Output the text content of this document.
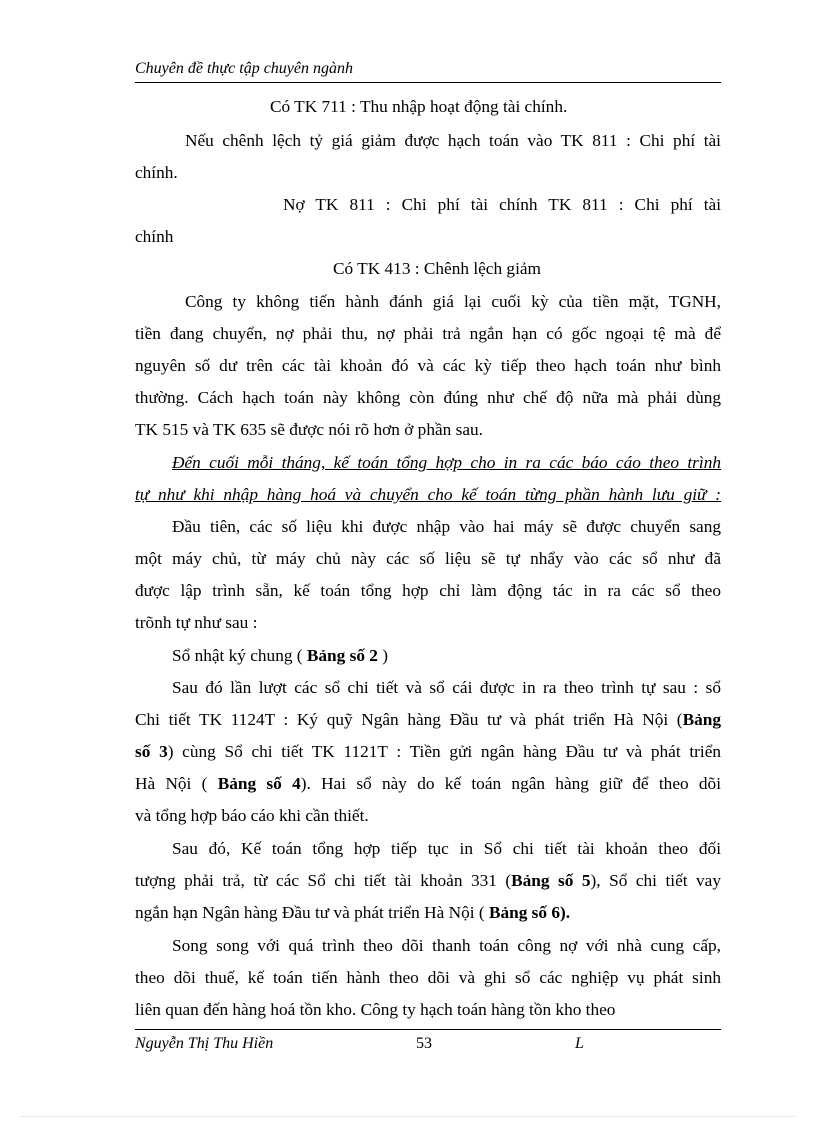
Chuyên đề thực tập chuyên ngành
Có TK 711 : Thu nhập hoạt động tài chính.
Nếu chênh lệch tỷ giá giảm được hạch toán vào TK 811 : Chi phí tài
chính.
Nợ TK 811 : Chi phí tài chính TK 811 : Chi phí tài
chính
Có TK 413 : Chênh lệch giảm
Công ty không tiến hành đánh giá lại cuối kỳ của tiền mặt, TGNH,
tiền đang chuyển, nợ phải thu, nợ phải trả ngắn hạn có gốc ngoại tệ mà để
nguyên số dư trên các tài khoản đó và các kỳ tiếp theo hạch toán như bình
thường. Cách hạch toán này không còn đúng như chế độ nữa mà phải dùng
TK 515 và TK 635 sẽ được nói rõ hơn ở phần sau.
Đến cuối mỗi tháng, kế toán tổng hợp cho in ra các báo cáo theo trình
tự như khi nhập hàng hoá và chuyển cho kế toán từng phần hành lưu giữ :
Đầu tiên, các số liệu khi được nhập vào hai máy sẽ được chuyển sang
một máy chủ, từ máy chủ này các số liệu sẽ tự nhẩy vào các sổ như đã
được lập trình sẵn, kế toán tổng hợp chỉ làm động tác in ra các sổ theo
trõnh tự như sau :
Sổ nhật ký chung ( Bảng số 2 )
Sau đó lần lượt các sổ chi tiết và sổ cái được in ra theo trình tự sau : sổ
Chi tiết TK 1124T : Ký quỹ Ngân hàng Đầu tư và phát triển Hà Nội (Bảng
số 3) cùng Sổ chi tiết TK 1121T : Tiền gửi ngân hàng Đầu tư và phát triển
Hà Nội ( Bảng số 4). Hai sổ này do kế toán ngân hàng giữ để theo dõi
và tổng hợp báo cáo khi cần thiết.
Sau đó, Kế toán tổng hợp tiếp tục in Sổ chi tiết tài khoản theo đối
tượng phải trả, từ các Sổ chi tiết tài khoản 331 (Bảng số 5), Sổ chi tiết vay
ngắn hạn Ngân hàng Đầu tư và phát triển Hà Nội ( Bảng số 6).
Song song với quá trình theo dõi thanh toán công nợ với nhà cung cấp,
theo dõi thuế, kế toán tiến hành theo dõi và ghi sổ các nghiệp vụ phát sinh
liên quan đến hàng hoá tồn kho. Công ty hạch toán hàng tồn kho theo
Nguyễn Thị Thu Hiền	53	L
